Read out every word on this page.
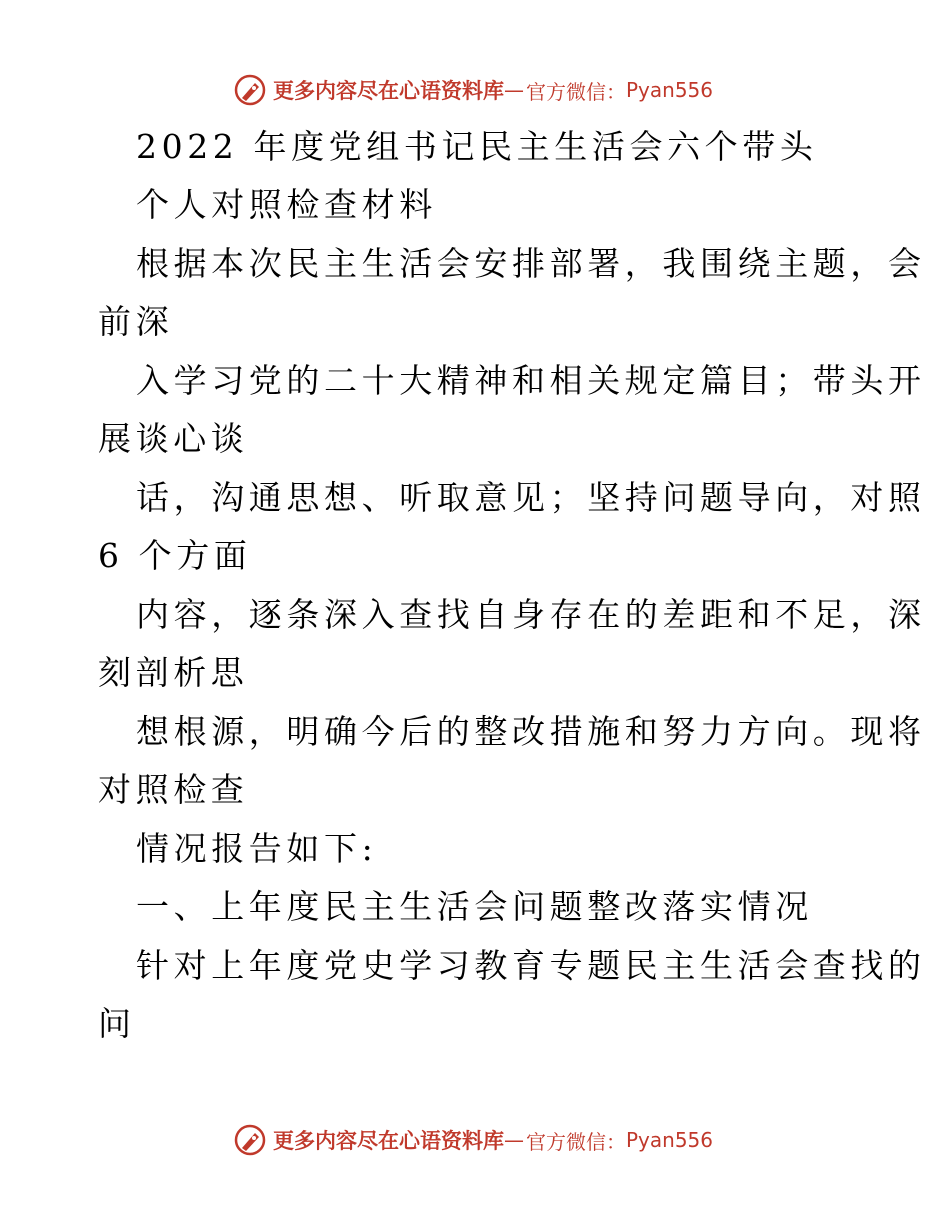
更多内容尽在心语资料库 — 官方微信： Pyan556
2022 年度党组书记民主生活会六个带头
个人对照检查材料
根据本次民主生活会安排部署，我围绕主题，会
前深
入学习党的二十大精神和相关规定篇目；带头开
展谈心谈
话，沟通思想、听取意见；坚持问题导向，对照
6 个方面
内容，逐条深入查找自身存在的差距和不足，深
刻剖析思
想根源，明确今后的整改措施和努力方向。现将
对照检查
情况报告如下:
一、上年度民主生活会问题整改落实情况
针对上年度党史学习教育专题民主生活会查找的
问
更多内容尽在心语资料库 — 官方微信： Pyan556
